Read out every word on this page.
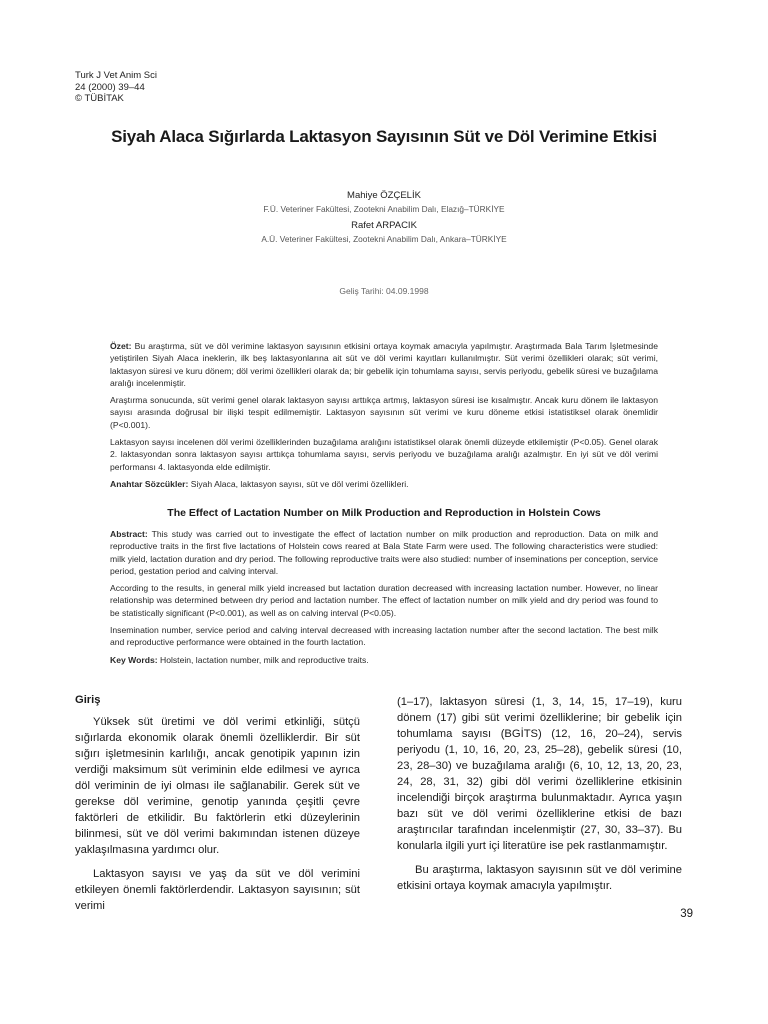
Turk J Vet Anim Sci
24 (2000) 39–44
© TÜBİTAK
Siyah Alaca Sığırlarda Laktasyon Sayısının Süt ve Döl Verimine Etkisi
Mahiye ÖZÇELİK
F.Ü. Veteriner Fakültesi, Zootekni Anabilim Dalı, Elazığ–TÜRKİYE
Rafet ARPACIK
A.Ü. Veteriner Fakültesi, Zootekni Anabilim Dalı, Ankara–TÜRKİYE
Geliş Tarihi: 04.09.1998

Özet: Bu araştırma, süt ve döl verimine laktasyon sayısının etkisini ortaya koymak amacıyla yapılmıştır. Araştırmada Bala Tarım İşletmesinde yetiştirilen Siyah Alaca ineklerin, ilk beş laktasyonlarına ait süt ve döl verimi kayıtları kullanılmıştır. Süt verimi özellikleri olarak; süt verimi, laktasyon süresi ve kuru dönem; döl verimi özellikleri olarak da; bir gebelik için tohumlama sayısı, servis periyodu, gebelik süresi ve buzağılama aralığı incelenmiştir.

Araştırma sonucunda, süt verimi genel olarak laktasyon sayısı arttıkça artmış, laktasyon süresi ise kısalmıştır. Ancak kuru dönem ile laktasyon sayısı arasında doğrusal bir ilişki tespit edilmemiştir. Laktasyon sayısının süt verimi ve kuru döneme etkisi istatistiksel olarak önemlidir (P<0.001).

Laktasyon sayısı incelenen döl verimi özelliklerinden buzağılama aralığını istatistiksel olarak önemli düzeyde etkilemiştir (P<0.05). Genel olarak 2. laktasyondan sonra laktasyon sayısı arttıkça tohumlama sayısı, servis periyodu ve buzağılama aralığı azalmıştır. En iyi süt ve döl verimi performansı 4. laktasyonda elde edilmiştir.

Anahtar Sözcükler: Siyah Alaca, laktasyon sayısı, süt ve döl verimi özellikleri.

The Effect of Lactation Number on Milk Production and Reproduction in Holstein Cows

Abstract: This study was carried out to investigate the effect of lactation number on milk production and reproduction. Data on milk and reproductive traits in the first five lactations of Holstein cows reared at Bala State Farm were used. The following characteristics were studied: milk yield, lactation duration and dry period. The following reproductive traits were also studied: number of inseminations per conception, service period, gestation period and calving interval.

According to the results, in general milk yield increased but lactation duration decreased with increasing lactation number. However, no linear relationship was determined between dry period and lactation number. The effect of lactation number on milk yield and dry period was found to be statistically significant (P<0.001), as well as on calving interval (P<0.05).

Insemination number, service period and calving interval decreased with increasing lactation number after the second lactation. The best milk and reproductive performance were obtained in the fourth lactation.

Key Words: Holstein, lactation number, milk and reproductive traits.

Giriş

Yüksek süt üretimi ve döl verimi etkinliği, sütçü sığırlarda ekonomik olarak önemli özelliklerdir. Bir süt sığırı işletmesinin karlılığı, ancak genotipik yapının izin verdiği maksimum süt veriminin elde edilmesi ve ayrıca döl veriminin de iyi olması ile sağlanabilir. Gerek süt ve gerekse döl verimine, genotip yanında çeşitli çevre faktörleri de etkilidir. Bu faktörlerin etki düzeylerinin bilinmesi, süt ve döl verimi bakımından istenen düzeye yaklaşılmasına yardımcı olur.

Laktasyon sayısı ve yaş da süt ve döl verimini etkileyen önemli faktörlerdendir. Laktasyon sayısının; süt verimi

(1–17), laktasyon süresi (1, 3, 14, 15, 17–19), kuru dönem (17) gibi süt verimi özelliklerine; bir gebelik için tohumlama sayısı (BGİTS) (12, 16, 20–24), servis periyodu (1, 10, 16, 20, 23, 25–28), gebelik süresi (10, 23, 28–30) ve buzağılama aralığı (6, 10, 12, 13, 20, 23, 24, 28, 31, 32) gibi döl verimi özelliklerine etkisinin incelendiği birçok araştırma bulunmaktadır. Ayrıca yaşın bazı süt ve döl verimi özelliklerine etkisi de bazı araştırıcılar tarafından incelenmiştir (27, 30, 33–37). Bu konularla ilgili yurt içi literatüre ise pek rastlanmamıştır.

Bu araştırma, laktasyon sayısının süt ve döl verimine etkisini ortaya koymak amacıyla yapılmıştır.

39
